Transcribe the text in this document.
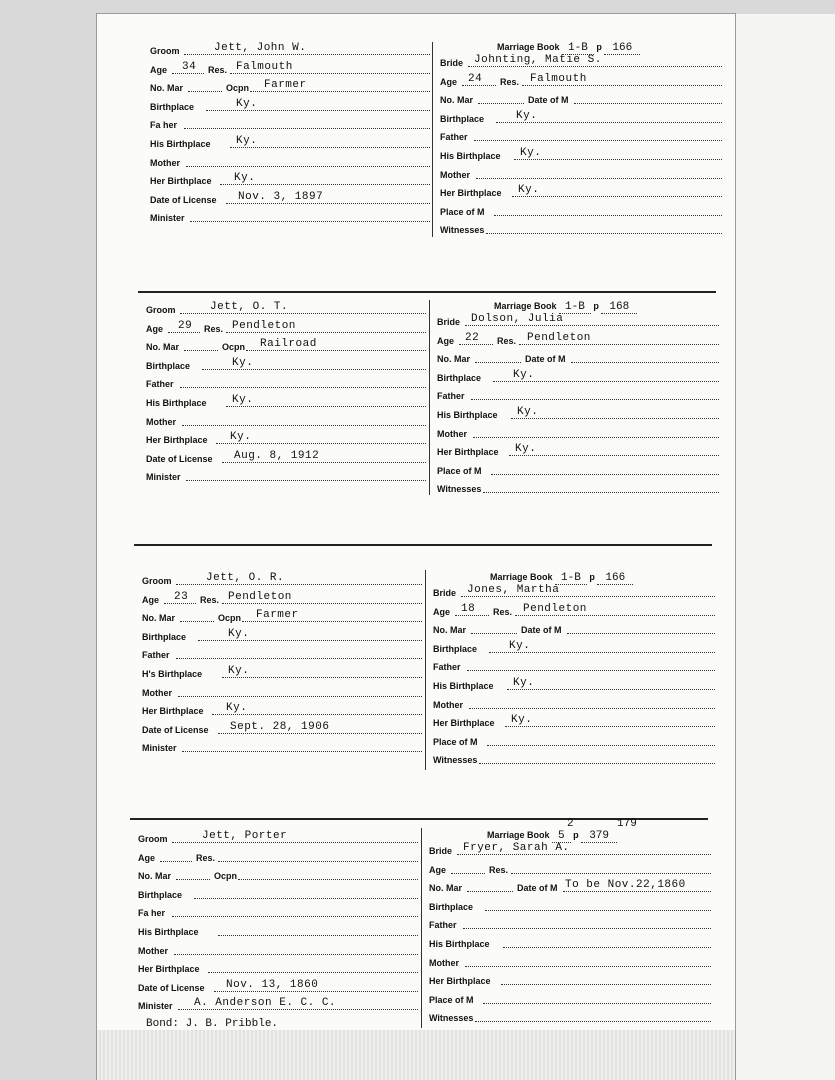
Groom	Jett, John W.
Age 34 Res. Falmouth
No. Mar	Ocpn Farmer
Birthplace	Ky.
Fa her
His Birthplace Ky.
Mother
Her Birthplace Ky.
Date of License Nov. 3, 1897
Minister
Marriage Book 1-B p 166
Bride Johnting, Matie S.
Age 24 Res. Falmouth
No. Mar	Date of M
Birthplace	Ky.
Father
His Birthplace Ky.
Mother
Her Birthplace Ky.
Place of M
Witnesses
Groom	Jett, O. T.
Age 29 Res. Pendleton
No. Mar	Ocpn Railroad
Birthplace	Ky.
Father
His Birthplace Ky.
Mother
Her Birthplace Ky.
Date of License Aug. 8, 1912
Minister
Marriage Book 1-B p 168
Bride Dolson, Julia
Age 22 Res. Pendleton
No. Mar	Date of M
Birthplace	Ky.
Father
His Birthplace Ky.
Mother
Her Birthplace Ky.
Place of M
Witnesses
Groom	Jett, O. R.
Age 23 Res. Pendleton
No. Mar	Ocpn Farmer
Birthplace	Ky.
Father
H's Birthplace Ky.
Mother
Her Birthplace Ky.
Date of License Sept. 28, 1906
Minister
Marriage Book 1-B p 166
Bride Jones, Martha
Age 18 Res. Pendleton
No. Mar	Date of M
Birthplace	Ky.
Father
His Birthplace Ky.
Mother
Her Birthplace Ky.
Place of M
Witnesses
Groom	Jett, Porter
Age	Res.
No. Mar	Ocpn
Birthplace
Fa her
His Birthplace
Mother
Her Birthplace
Date of License Nov. 13, 1860
Minister A. Anderson E. C. C.
Marriage Book 5 p 379
2	179
Bride Fryer, Sarah A.
Age	Res.
No. Mar	Date of M To be Nov.22,1860
Birthplace
Father
His Birthplace
Mother
Her Birthplace
Place of M
Witnesses
Bond: J. B. Pribble.
